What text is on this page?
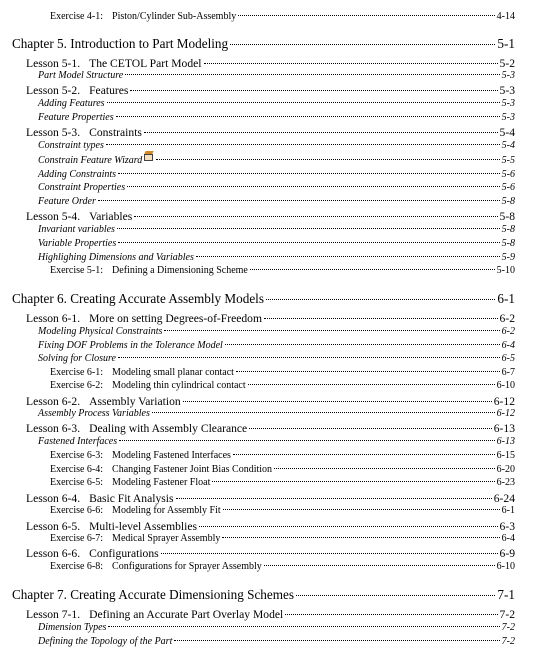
Exercise 4-1: Piston/Cylinder Sub-Assembly	4-14
Chapter 5. Introduction to Part Modeling	5-1
Lesson 5-1. The CETOL Part Model	5-2
Part Model Structure	5-3
Lesson 5-2. Features	5-3
Adding Features	5-3
Feature Properties	5-3
Lesson 5-3. Constraints	5-4
Constraint types	5-4
Constrain Feature Wizard	5-5
Adding Constraints	5-6
Constraint Properties	5-6
Feature Order	5-8
Lesson 5-4. Variables	5-8
Invariant variables	5-8
Variable Properties	5-8
Highlighing Dimensions and Variables	5-9
Exercise 5-1: Defining a Dimensioning Scheme	5-10
Chapter 6. Creating Accurate Assembly Models	6-1
Lesson 6-1. More on setting Degrees-of-Freedom	6-2
Modeling Physical Constraints	6-2
Fixing DOF Problems in the Tolerance Model	6-4
Solving for Closure	6-5
Exercise 6-1: Modeling small planar contact	6-7
Exercise 6-2: Modeling thin cylindrical contact	6-10
Lesson 6-2. Assembly Variation	6-12
Assembly Process Variables	6-12
Lesson 6-3. Dealing with Assembly Clearance	6-13
Fastened Interfaces	6-13
Exercise 6-3: Modeling Fastened Interfaces	6-15
Exercise 6-4: Changing Fastener Joint Bias Condition	6-20
Exercise 6-5: Modeling Fastener Float	6-23
Lesson 6-4. Basic Fit Analysis	6-24
Exercise 6-6: Modeling for Assembly Fit	6-1
Lesson 6-5. Multi-level Assemblies	6-3
Exercise 6-7: Medical Sprayer Assembly	6-4
Lesson 6-6. Configurations	6-9
Exercise 6-8: Configurations for Sprayer Assembly	6-10
Chapter 7. Creating Accurate Dimensioning Schemes	7-1
Lesson 7-1. Defining an Accurate Part Overlay Model	7-2
Dimension Types	7-2
Defining the Topology of the Part	7-2
